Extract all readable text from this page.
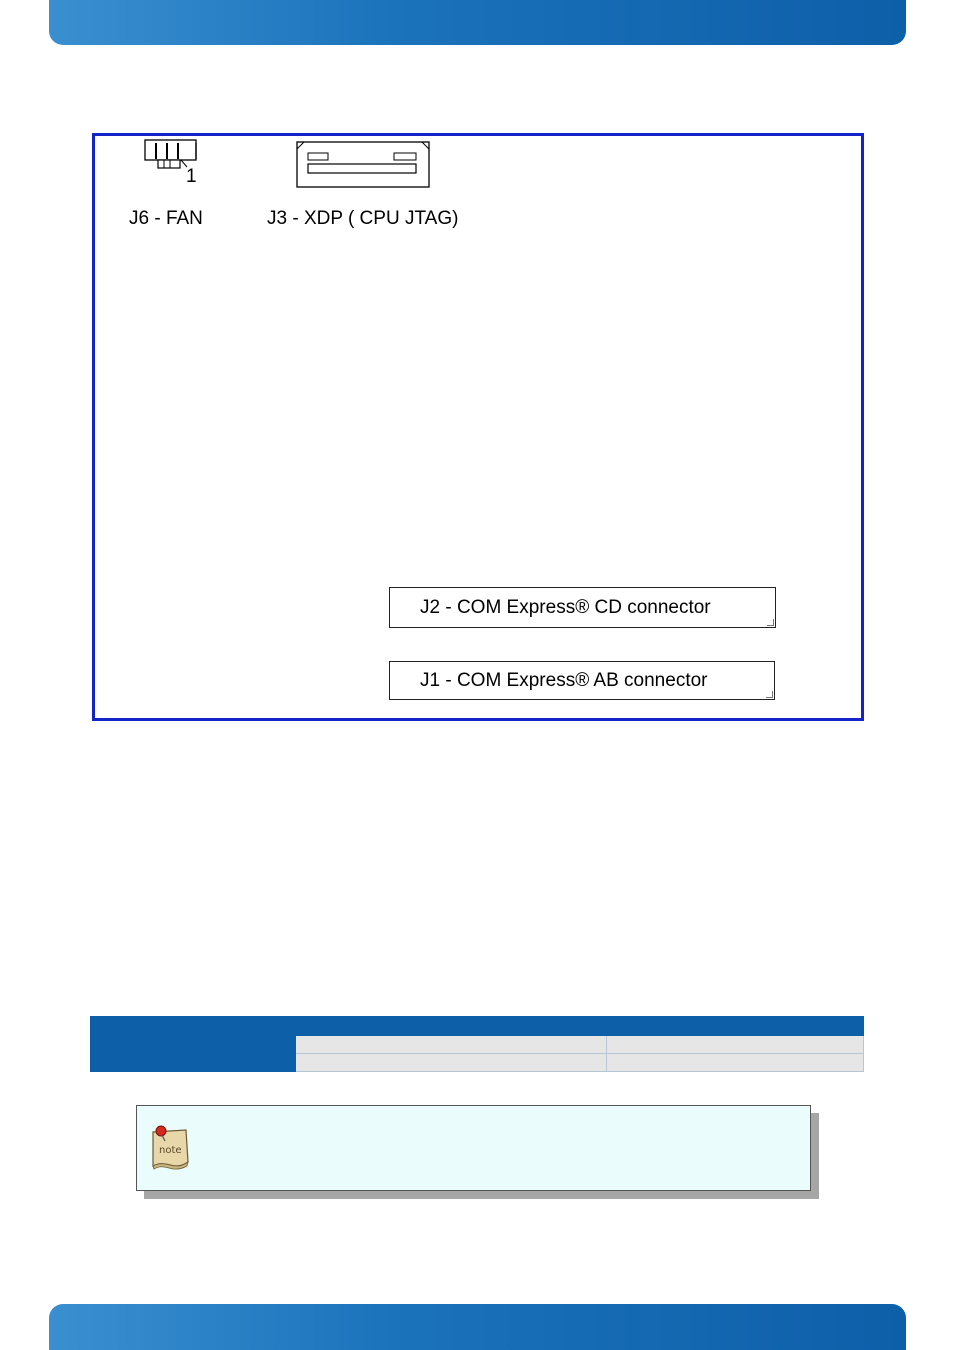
1
J6 - FAN	J3 - XDP ( CPU JTAG)
J2 - COM Express® CD connector
J1 - COM Express® AB connector

note
